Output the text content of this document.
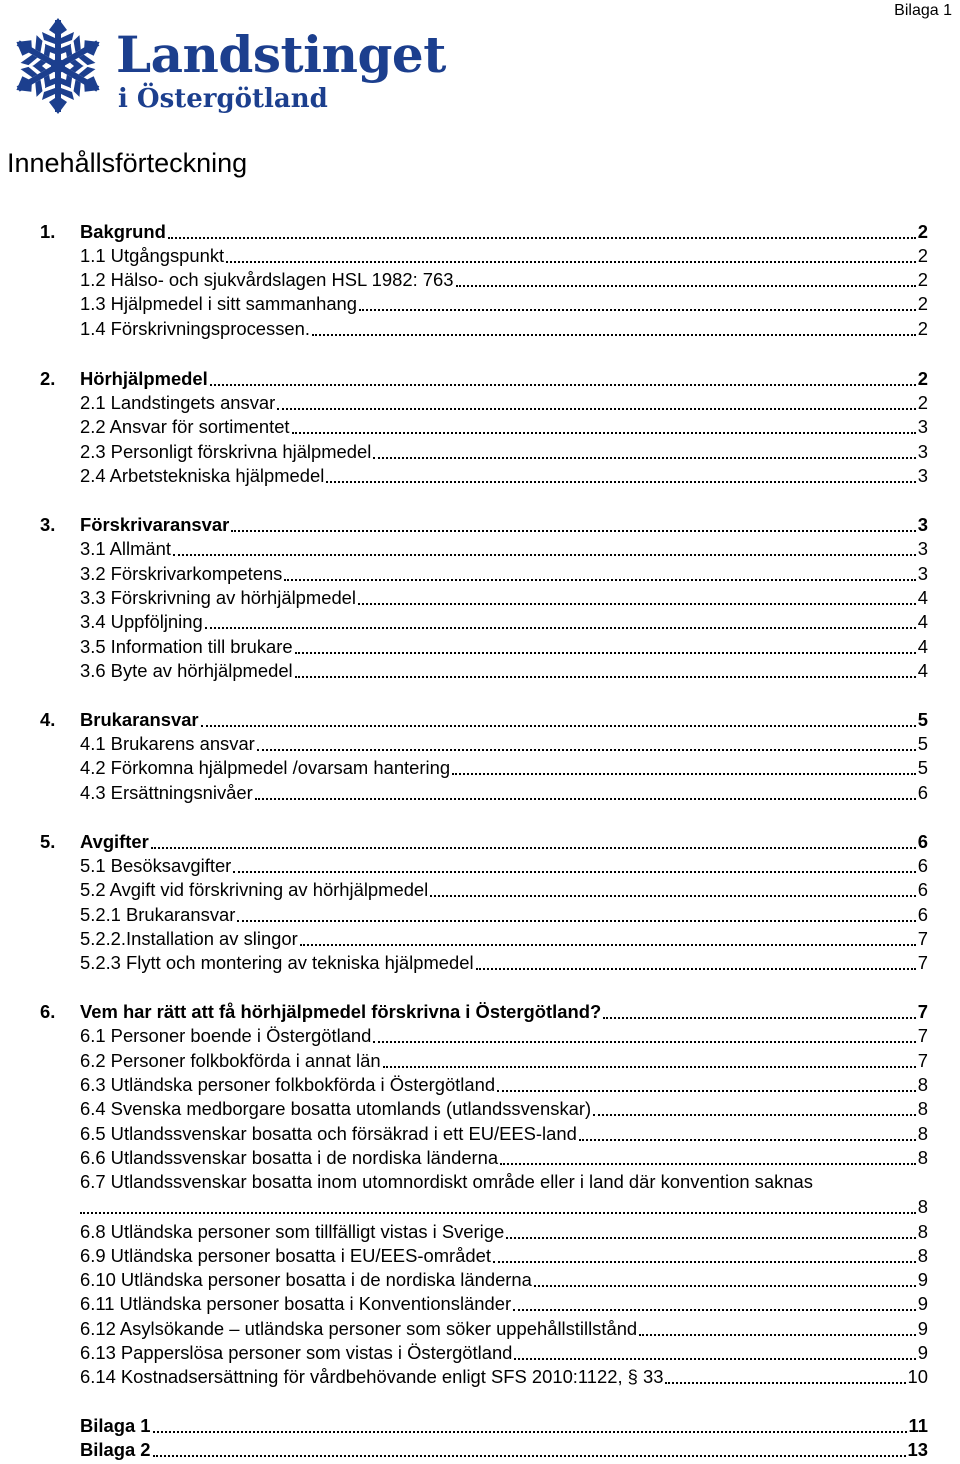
Bilaga 1
Landstinget
i Östergötland
Innehållsförteckning
1. Bakgrund	2
1.1 Utgångspunkt	2
1.2 Hälso- och sjukvårdslagen HSL 1982: 763	2
1.3 Hjälpmedel i sitt sammanhang	2
1.4 Förskrivningsprocessen.	2
2. Hörhjälpmedel	2
2.1 Landstingets ansvar	2
2.2 Ansvar för sortimentet	3
2.3 Personligt förskrivna hjälpmedel	3
2.4 Arbetstekniska hjälpmedel	3
3. Förskrivaransvar	3
3.1 Allmänt	3
3.2 Förskrivarkompetens	3
3.3 Förskrivning av hörhjälpmedel	4
3.4 Uppföljning	4
3.5 Information till brukare	4
3.6 Byte av hörhjälpmedel	4
4. Brukaransvar	5
4.1 Brukarens ansvar	5
4.2 Förkomna hjälpmedel /ovarsam hantering	5
4.3 Ersättningsnivåer	6
5. Avgifter	6
5.1 Besöksavgifter	6
5.2 Avgift vid förskrivning av hörhjälpmedel	6
5.2.1 Brukaransvar	6
5.2.2.Installation av slingor	7
5.2.3 Flytt och montering av tekniska hjälpmedel	7
6. Vem har rätt att få hörhjälpmedel förskrivna i Östergötland?	7
6.1 Personer boende i Östergötland	7
6.2 Personer folkbokförda i annat län	7
6.3 Utländska personer folkbokförda i Östergötland	8
6.4 Svenska medborgare bosatta utomlands (utlandssvenskar)	8
6.5 Utlandssvenskar bosatta och försäkrad i ett EU/EES-land	8
6.6 Utlandssvenskar bosatta i de nordiska länderna	8
6.7 Utlandssvenskar bosatta inom utomnordiskt område eller i land där konvention saknas
8
6.8 Utländska personer som tillfälligt vistas i Sverige	8
6.9 Utländska personer bosatta i EU/EES-området	8
6.10 Utländska personer bosatta i de nordiska länderna	9
6.11 Utländska personer bosatta i Konventionsländer	9
6.12 Asylsökande – utländska personer som söker uppehållstillstånd	9
6.13 Papperslösa personer som vistas i Östergötland	9
6.14 Kostnadsersättning för vårdbehövande enligt SFS 2010:1122, § 33	10
Bilaga 1	11
Bilaga 2	13
